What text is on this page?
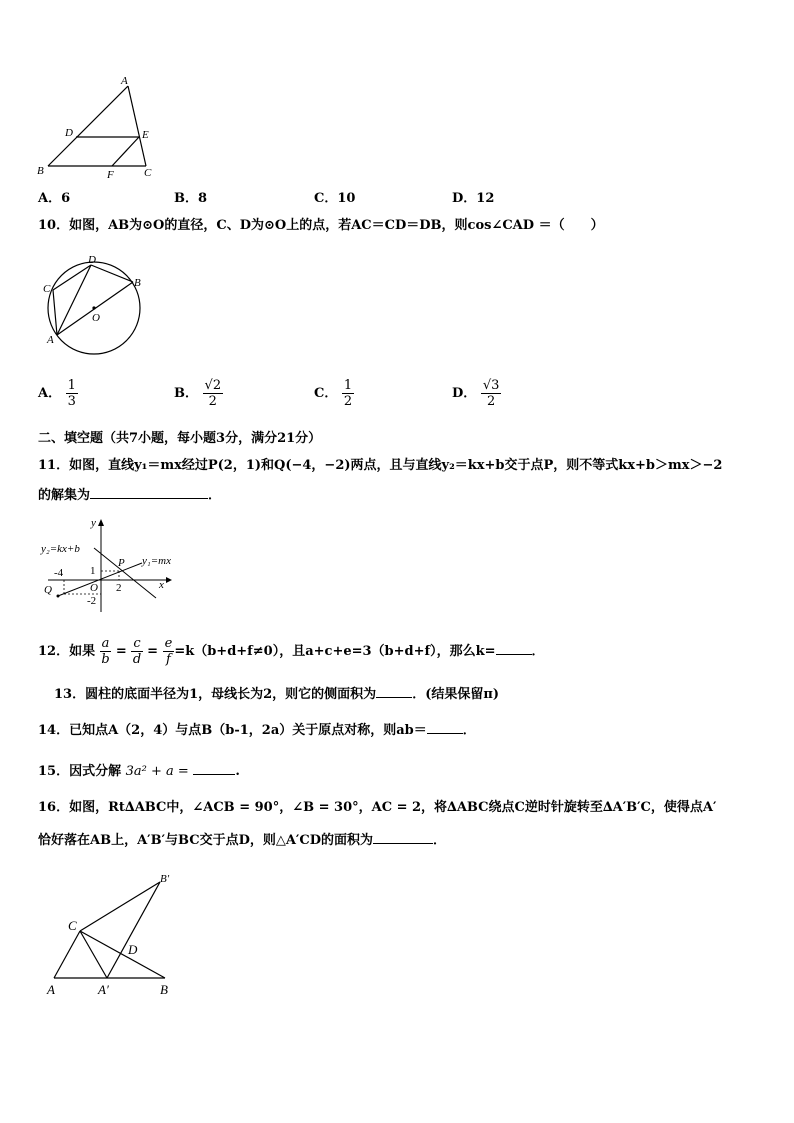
A
D	E
B	F	C
A．6	B．8	C．10	D．12
10．如图，AB为⊙O的直径，C、D为⊙O上的点，若AC＝CD＝DB，则cos∠CAD ＝（　　）
D
C	B
O
A
A． $\frac{1}{3}$	B． $\frac{√2}{2}$	C． $\frac{1}{2}$	D． $\frac{√3}{2}$
二、填空题（共7小题，每小题3分，满分21分）
11．如图，直线y₁＝mx经过P(2，1)和Q(−4，−2)两点，且与直线y₂＝kx+b交于点P，则不等式kx+b＞mx＞−2
的解集为	．
y
x
y₂=kx+b
y₁=mx
P
O
Q
-4 1
2
-2
12．如果 $\frac{a}{b} = \frac{c}{d} = \frac{e}{f} =k(b+d+f\ne 0)$，且a+c+e=3（b+d+f），那么k=	．
13．圆柱的底面半径为1，母线长为2，则它的侧面积为	．(结果保留π)
14．已知点A（2，4）与点B（b-1，2a）关于原点对称，则ab＝	．
15．因式分解 3a² + a =	.
16．如图，Rt∆ABC中，∠ACB = 90°，∠B = 30°，AC = 2，将∆ABC绕点C逆时针旋转至∆A′B′C，使得点A′
恰好落在AB上，A′B′与BC交于点D，则△A′CD的面积为	．
B′
C
D
A	A′	B
